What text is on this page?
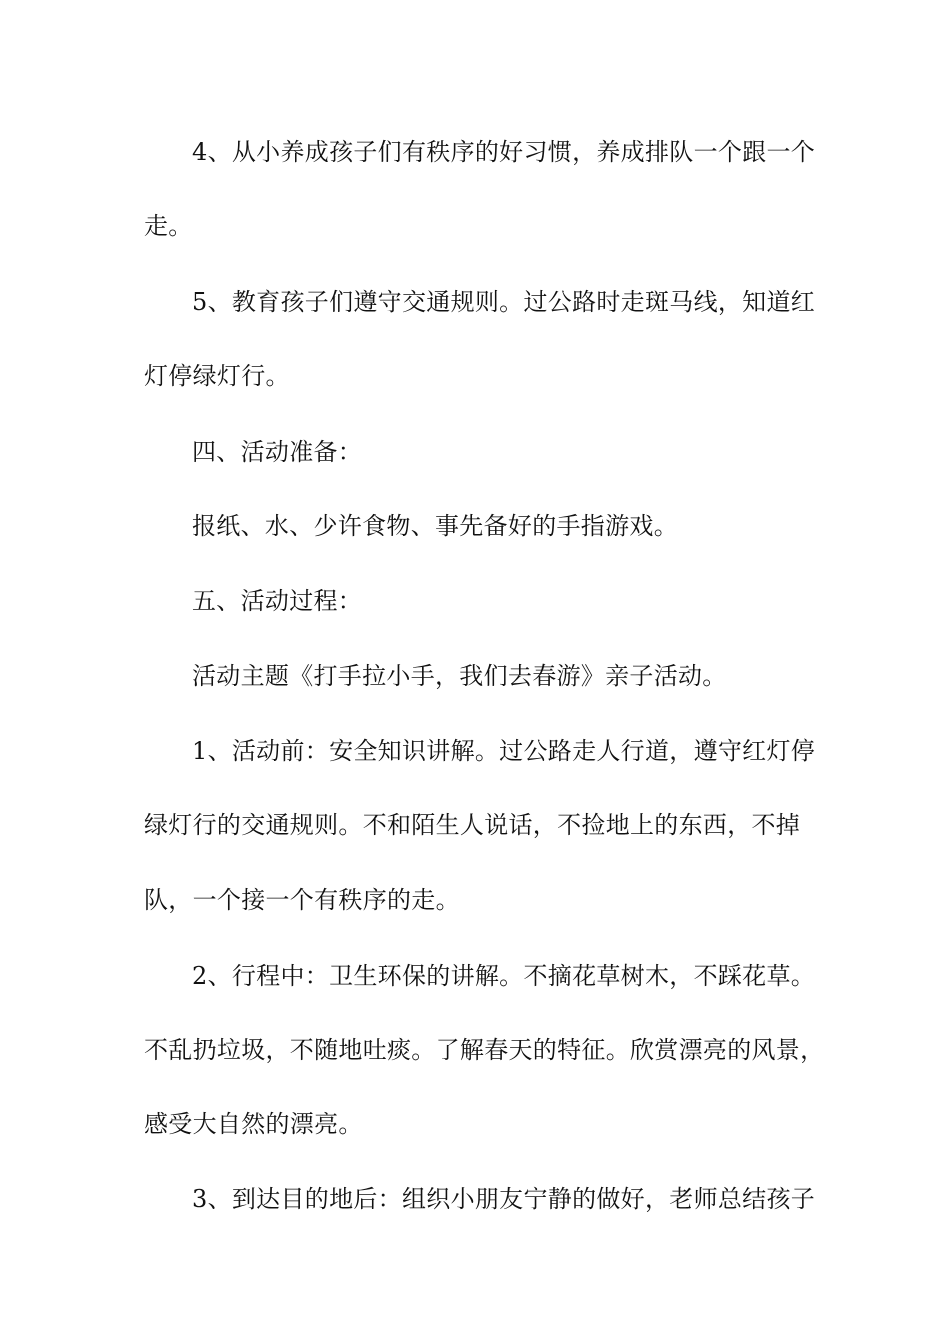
4、从小养成孩子们有秩序的好习惯，养成排队一个跟一个
走。
5、教育孩子们遵守交通规则。过公路时走斑马线，知道红
灯停绿灯行。
四、活动准备：
报纸、水、少许食物、事先备好的手指游戏。
五、活动过程：
活动主题《打手拉小手，我们去春游》亲子活动。
1、活动前：安全知识讲解。过公路走人行道，遵守红灯停
绿灯行的交通规则。不和陌生人说话，不捡地上的东西，不掉
队，一个接一个有秩序的走。
2、行程中：卫生环保的讲解。不摘花草树木，不踩花草。
不乱扔垃圾，不随地吐痰。了解春天的特征。欣赏漂亮的风景，
感受大自然的漂亮。
3、到达目的地后：组织小朋友宁静的做好，老师总结孩子
